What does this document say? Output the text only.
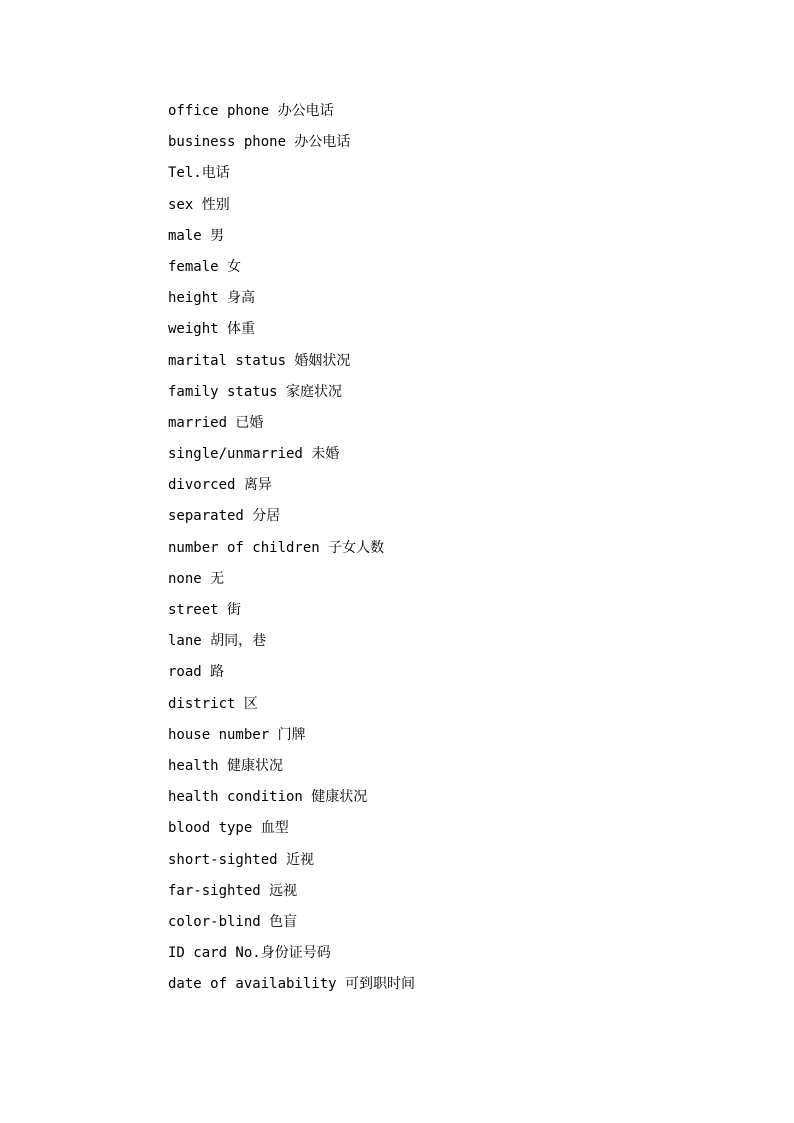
office phone 办公电话
business phone 办公电话
Tel.电话
sex 性别
male 男
female 女
height 身高
weight 体重
marital status 婚姻状况
family status 家庭状况
married 已婚
single/unmarried 未婚
divorced 离异
separated 分居
number of children 子女人数
none 无
street 街
lane 胡同，巷
road 路
district 区
house number 门牌
health 健康状况
health condition 健康状况
blood type 血型
short-sighted 近视
far-sighted 远视
color-blind 色盲
ID card No.身份证号码
date of availability 可到职时间
